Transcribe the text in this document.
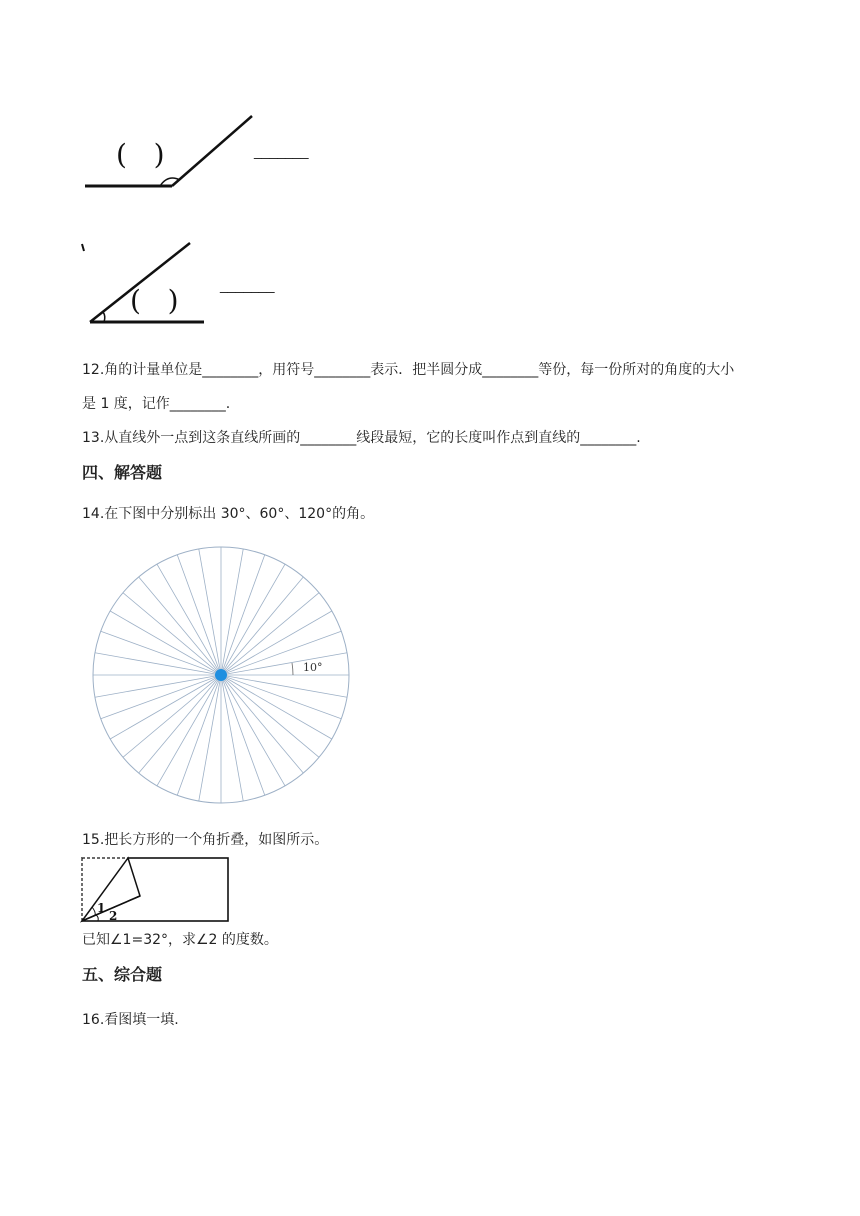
(   )	_______
(   )	_______
12.角的计量单位是________，用符号________表示．把半圆分成________等份，每一份所对的角度的大小
是 1 度，记作________.
13.从直线外一点到这条直线所画的________线段最短，它的长度叫作点到直线的________.
四、解答题
14.在下图中分别标出 30°、60°、120°的角。
10°
15.把长方形的一个角折叠，如图所示。
1
2
已知∠1=32°，求∠2 的度数。
五、综合题
16.看图填一填.
